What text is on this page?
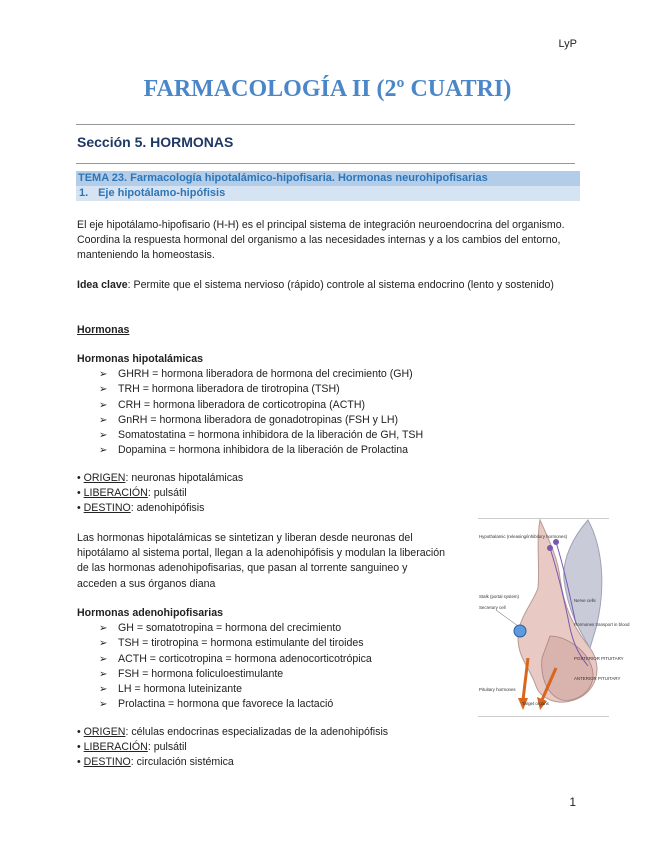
LyP
FARMACOLOGÍA II (2º CUATRI)
Sección 5. HORMONAS
TEMA 23. Farmacología hipotalámico-hipofisaria. Hormonas neurohipofisarias
1. Eje hipotálamo-hipófisis
El eje hipotálamo-hipofisario (H-H) es el principal sistema de integración neuroendocrina del organismo. Coordina la respuesta hormonal del organismo a las necesidades internas y a los cambios del entorno, manteniendo la homeostasis.
Idea clave: Permite que el sistema nervioso (rápido) controle al sistema endocrino (lento y sostenido)
Hormonas
Hormonas hipotalámicas
➢ GHRH = hormona liberadora de hormona del crecimiento (GH)
➢ TRH = hormona liberadora de tirotropina (TSH)
➢ CRH = hormona liberadora de corticotropina (ACTH)
➢ GnRH = hormona liberadora de gonadotropinas (FSH y LH)
➢ Somatostatina = hormona inhibidora de la liberación de GH, TSH
➢ Dopamina = hormona inhibidora de la liberación de Prolactina
• ORIGEN: neuronas hipotalámicas
• LIBERACIÓN: pulsátil
• DESTINO: adenohipófisis
Las hormonas hipotalámicas se sintetizan y liberan desde neuronas del hipotálamo al sistema portal, llegan a la adenohipófisis y modulan la liberación de las hormonas adenohipofisarias, que pasan al torrente sanguineo y acceden a sus órganos diana
Hormonas adenohipofisarias
➢ GH = somatotropina = hormona del crecimiento
➢ TSH = tirotropina = hormona estimulante del tiroides
➢ ACTH = corticotropina = hormona adenocorticotrópica
➢ FSH = hormona foliculoestimulante
➢ LH = hormona luteinizante
➢ Prolactina = hormona que favorece la lactació
• ORIGEN: células endocrinas especializadas de la adenohipófisis
• LIBERACIÓN: pulsátil
• DESTINO: circulación sistémica
Hypothalamic (releasing/inhibitory hormones)
Stalk (portal system)
Secretory cell
Nerve cells
Hormones transport in blood
POSTERIOR PITUITARY
ANTERIOR PITUITARY
Pituitary hormones
Target organs
1
